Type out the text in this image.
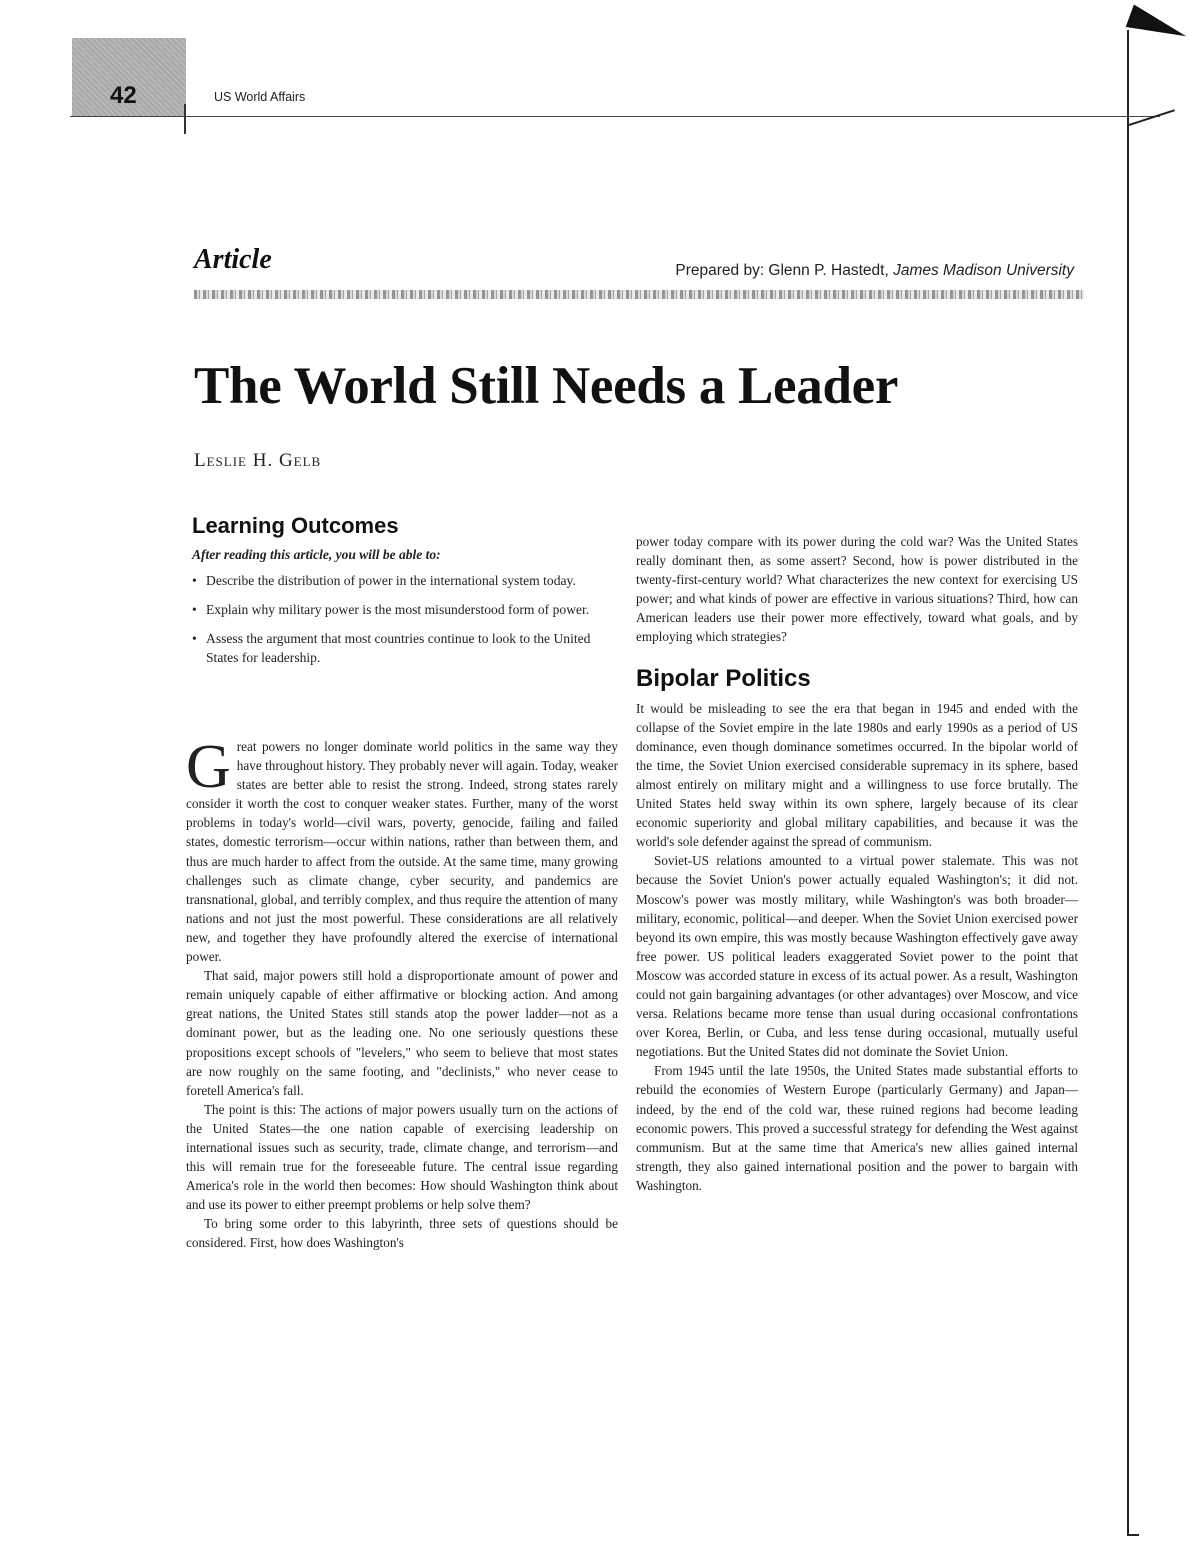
42	US World Affairs
Article	Prepared by: Glenn P. Hastedt, James Madison University
The World Still Needs a Leader
Leslie H. Gelb
Learning Outcomes
After reading this article, you will be able to:
• Describe the distribution of power in the international system today.
• Explain why military power is the most misunderstood form of power.
• Assess the argument that most countries continue to look to the United States for leadership.

Great powers no longer dominate world politics in the same way they have throughout history. They probably never will again. Today, weaker states are better able to resist the strong. Indeed, strong states rarely consider it worth the cost to conquer weaker states. Further, many of the worst problems in today's world—civil wars, poverty, genocide, failing and failed states, domestic terrorism—occur within nations, rather than between them, and thus are much harder to affect from the outside. At the same time, many growing challenges such as climate change, cyber security, and pandemics are transnational, global, and terribly complex, and thus require the attention of many nations and not just the most powerful. These considerations are all relatively new, and together they have profoundly altered the exercise of international power.

That said, major powers still hold a disproportionate amount of power and remain uniquely capable of either affirmative or blocking action. And among great nations, the United States still stands atop the power ladder—not as a dominant power, but as the leading one. No one seriously questions these propositions except schools of "levelers," who seem to believe that most states are now roughly on the same footing, and "declinists," who never cease to foretell America's fall.

The point is this: The actions of major powers usually turn on the actions of the United States—the one nation capable of exercising leadership on international issues such as security, trade, climate change, and terrorism—and this will remain true for the foreseeable future. The central issue regarding America's role in the world then becomes: How should Washington think about and use its power to either preempt problems or help solve them?

To bring some order to this labyrinth, three sets of questions should be considered. First, how does Washington's

power today compare with its power during the cold war? Was the United States really dominant then, as some assert? Second, how is power distributed in the twenty-first-century world? What characterizes the new context for exercising US power; and what kinds of power are effective in various situations? Third, how can American leaders use their power more effectively, toward what goals, and by employing which strategies?

Bipolar Politics

It would be misleading to see the era that began in 1945 and ended with the collapse of the Soviet empire in the late 1980s and early 1990s as a period of US dominance, even though dominance sometimes occurred. In the bipolar world of the time, the Soviet Union exercised considerable supremacy in its sphere, based almost entirely on military might and a willingness to use force brutally. The United States held sway within its own sphere, largely because of its clear economic superiority and global military capabilities, and because it was the world's sole defender against the spread of communism.

Soviet-US relations amounted to a virtual power stalemate. This was not because the Soviet Union's power actually equaled Washington's; it did not. Moscow's power was mostly military, while Washington's was both broader—military, economic, political—and deeper. When the Soviet Union exercised power beyond its own empire, this was mostly because Washington effectively gave away free power. US political leaders exaggerated Soviet power to the point that Moscow was accorded stature in excess of its actual power. As a result, Washington could not gain bargaining advantages (or other advantages) over Moscow, and vice versa. Relations became more tense than usual during occasional confrontations over Korea, Berlin, or Cuba, and less tense during occasional, mutually useful negotiations. But the United States did not dominate the Soviet Union.

From 1945 until the late 1950s, the United States made substantial efforts to rebuild the economies of Western Europe (particularly Germany) and Japan—indeed, by the end of the cold war, these ruined regions had become leading economic powers. This proved a successful strategy for defending the West against communism. But at the same time that America's new allies gained internal strength, they also gained international position and the power to bargain with Washington.
